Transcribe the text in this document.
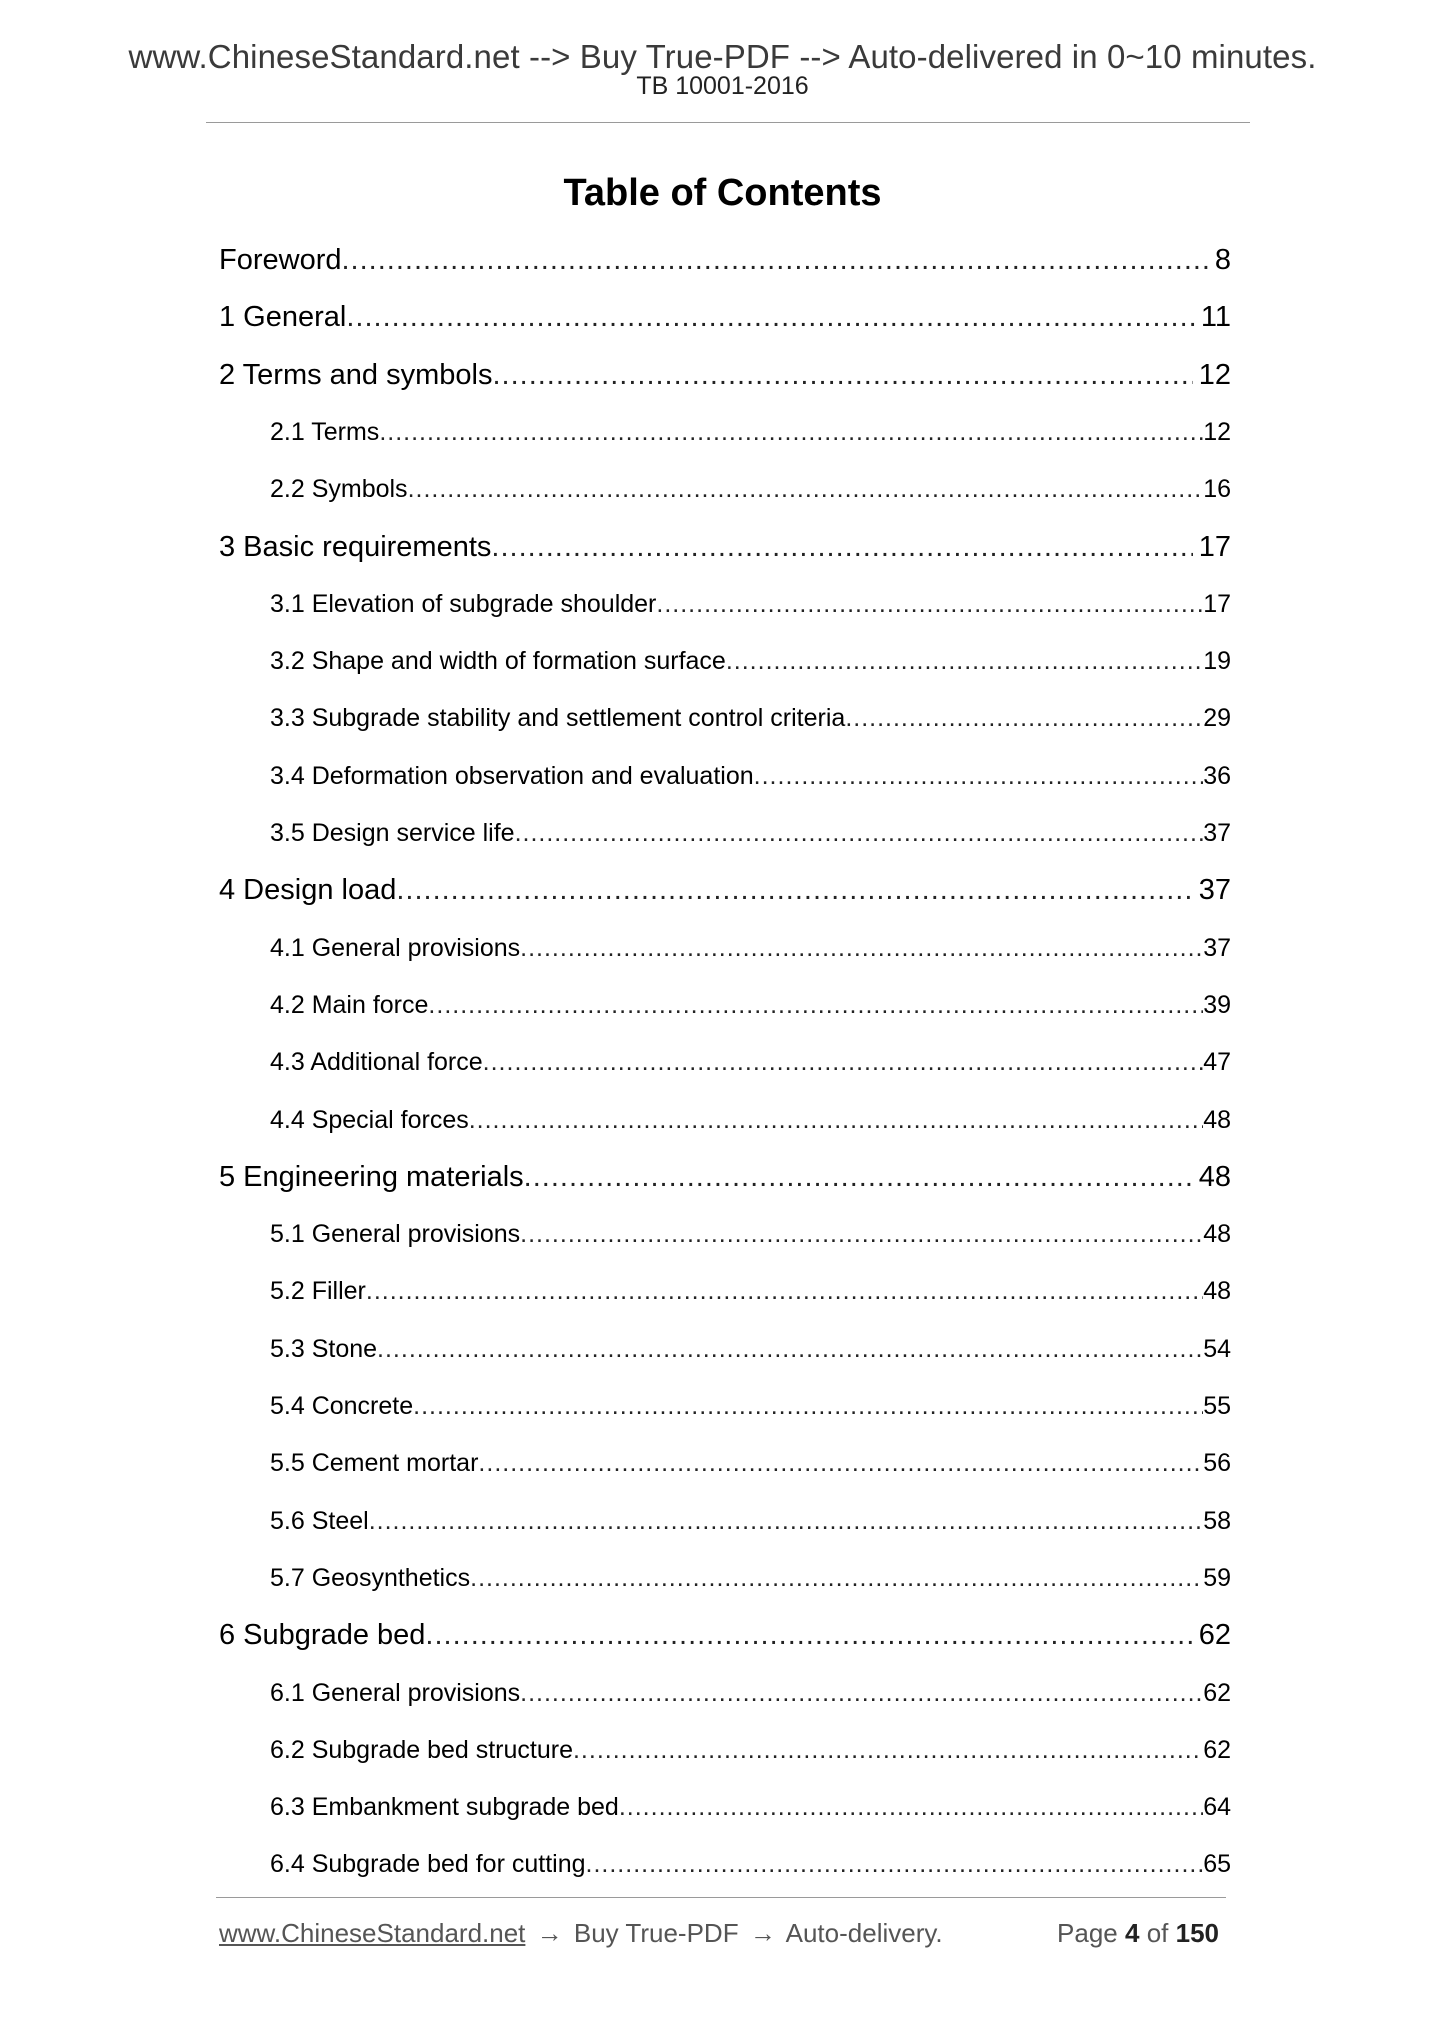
www.ChineseStandard.net --> Buy True-PDF --> Auto-delivered in 0~10 minutes.
TB 10001-2016
Table of Contents
Foreword .....	8
1 General .....	11
2 Terms and symbols .....	12
2.1 Terms .....	12
2.2 Symbols .....	16
3 Basic requirements .....	17
3.1 Elevation of subgrade shoulder .....	17
3.2 Shape and width of formation surface .....	19
3.3 Subgrade stability and settlement control criteria .....	29
3.4 Deformation observation and evaluation .....	36
3.5 Design service life .....	37
4 Design load .....	37
4.1 General provisions .....	37
4.2 Main force .....	39
4.3 Additional force .....	47
4.4 Special forces .....	48
5 Engineering materials .....	48
5.1 General provisions .....	48
5.2 Filler .....	48
5.3 Stone .....	54
5.4 Concrete .....	55
5.5 Cement mortar .....	56
5.6 Steel .....	58
5.7 Geosynthetics .....	59
6 Subgrade bed .....	62
6.1 General provisions .....	62
6.2 Subgrade bed structure .....	62
6.3 Embankment subgrade bed .....	64
6.4 Subgrade bed for cutting .....	65
www.ChineseStandard.net → Buy True-PDF → Auto-delivery.	Page 4 of 150
